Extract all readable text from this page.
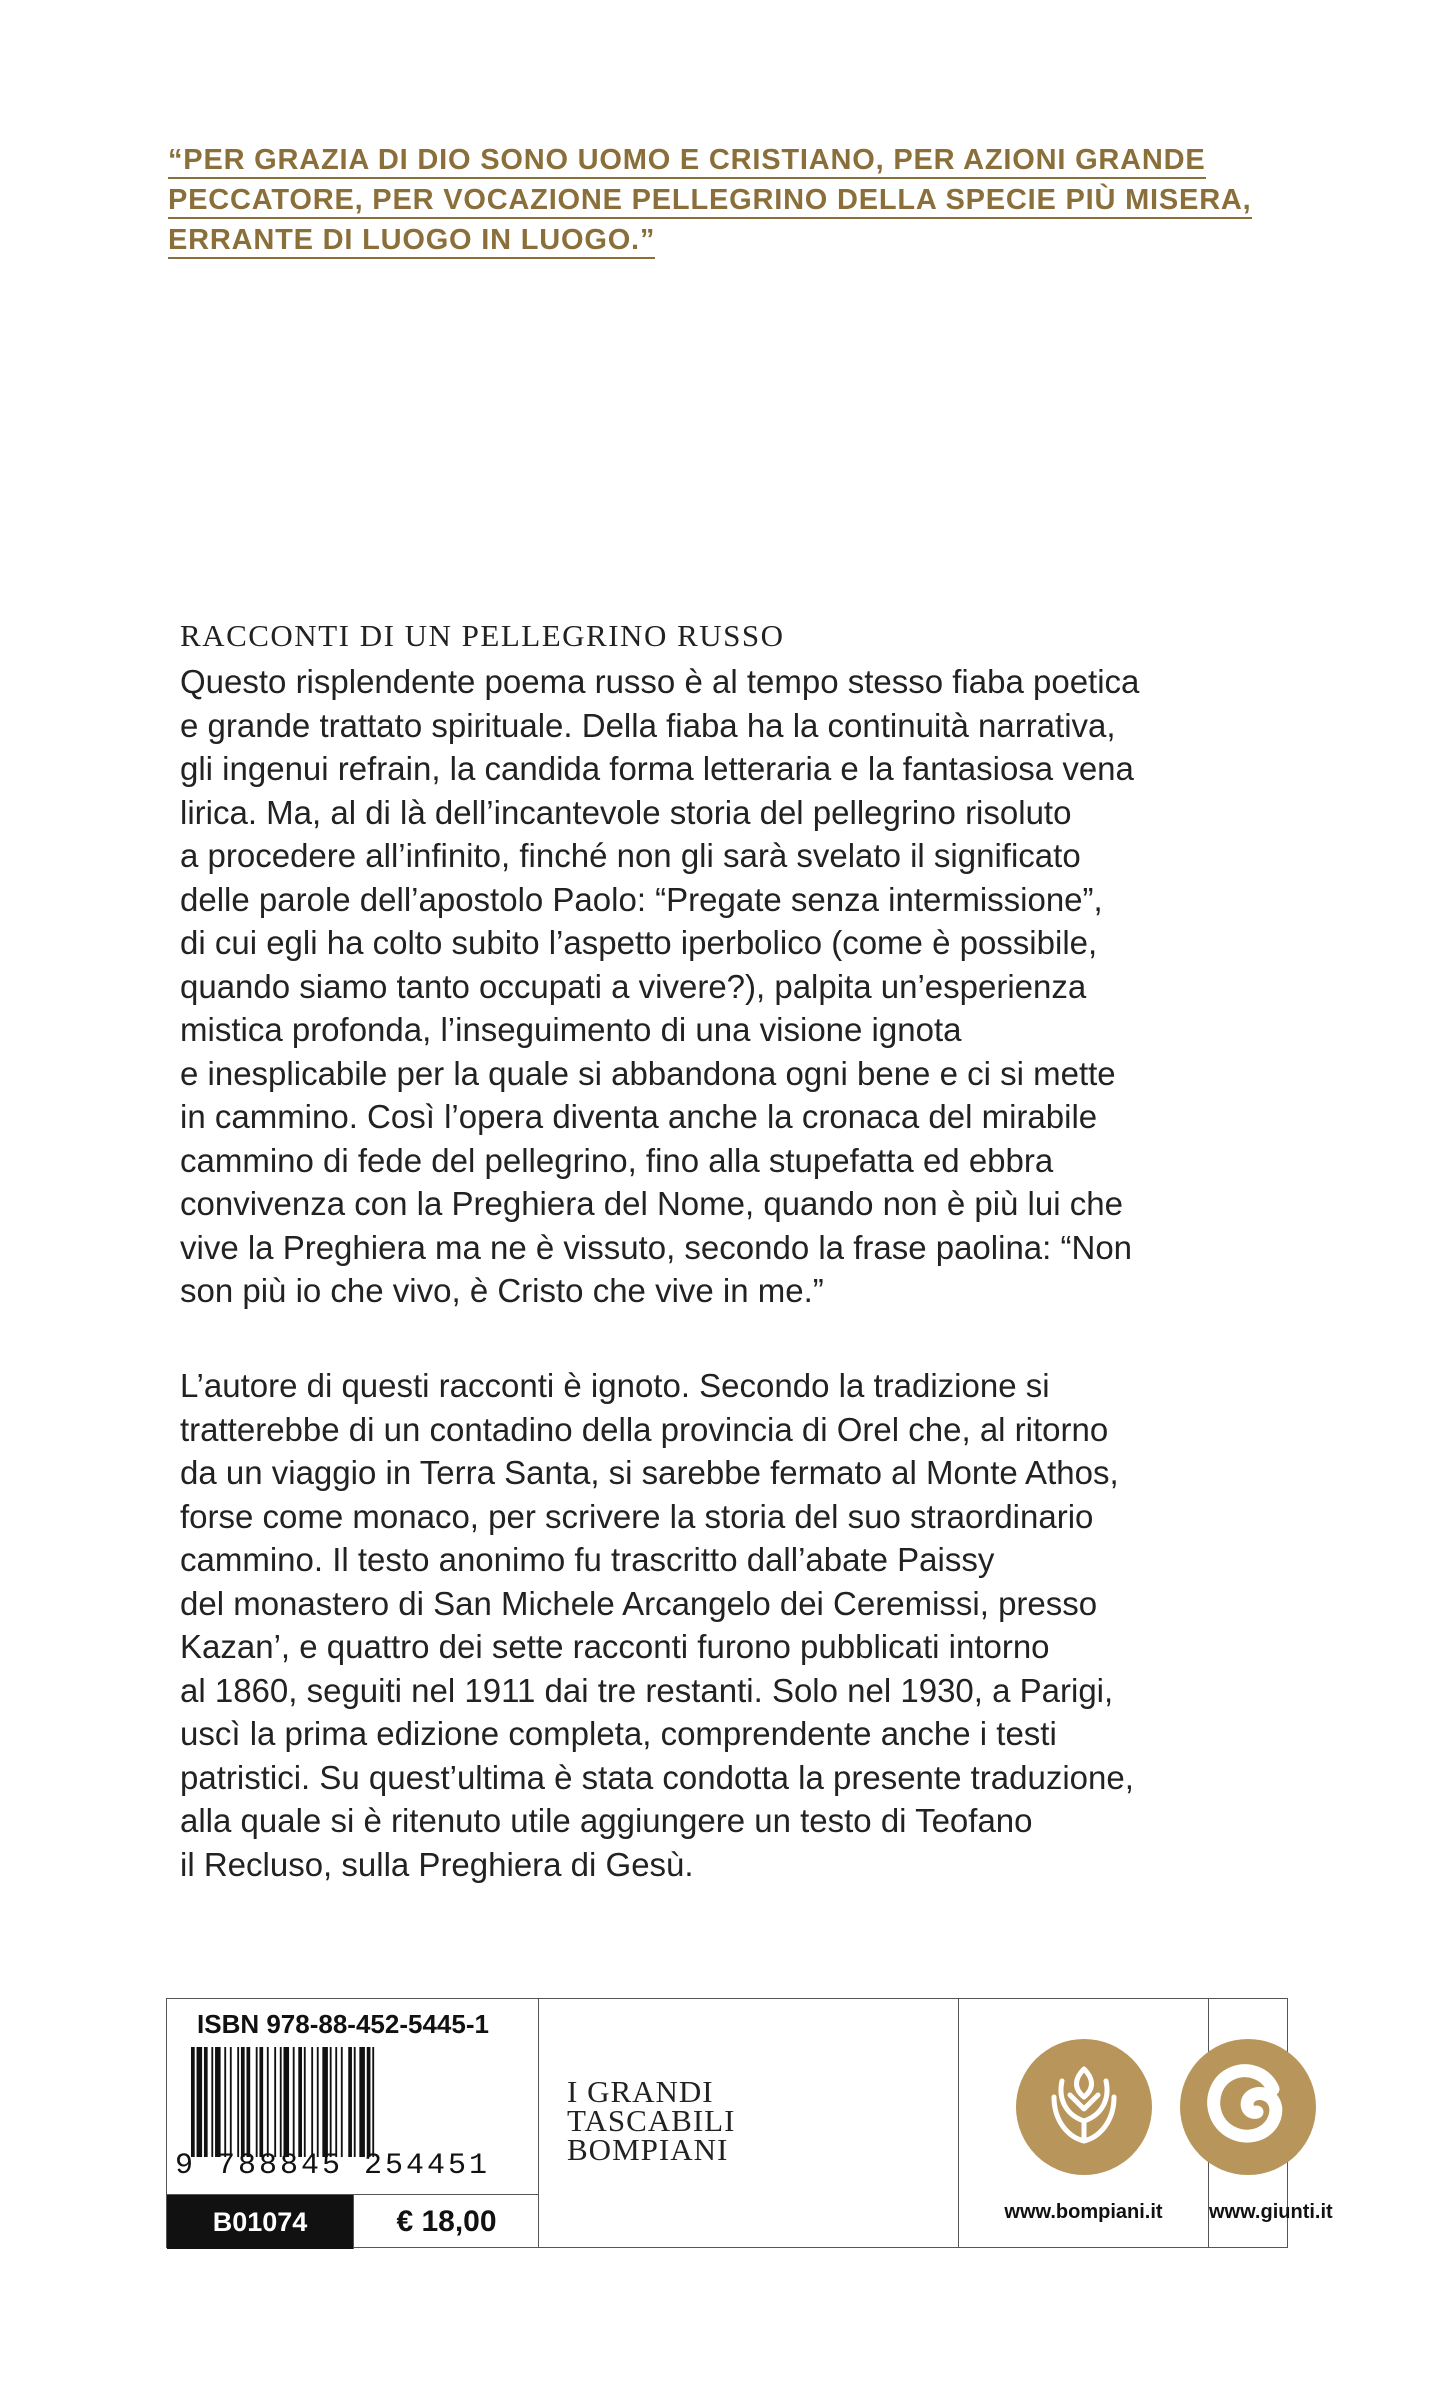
“PER GRAZIA DI DIO SONO UOMO E CRISTIANO, PER AZIONI GRANDE
PECCATORE, PER VOCAZIONE PELLEGRINO DELLA SPECIE PIÙ MISERA,
ERRANTE DI LUOGO IN LUOGO.”
RACCONTI DI UN PELLEGRINO RUSSO
Questo risplendente poema russo è al tempo stesso fiaba poetica
e grande trattato spirituale. Della fiaba ha la continuità narrativa,
gli ingenui refrain, la candida forma letteraria e la fantasiosa vena
lirica. Ma, al di là dell’incantevole storia del pellegrino risoluto
a procedere all’infinito, finché non gli sarà svelato il significato
delle parole dell’apostolo Paolo: “Pregate senza intermissione”,
di cui egli ha colto subito l’aspetto iperbolico (come è possibile,
quando siamo tanto occupati a vivere?), palpita un’esperienza
mistica profonda, l’inseguimento di una visione ignota
e inesplicabile per la quale si abbandona ogni bene e ci si mette
in cammino. Così l’opera diventa anche la cronaca del mirabile
cammino di fede del pellegrino, fino alla stupefatta ed ebbra
convivenza con la Preghiera del Nome, quando non è più lui che
vive la Preghiera ma ne è vissuto, secondo la frase paolina: “Non
son più io che vivo, è Cristo che vive in me.”
L’autore di questi racconti è ignoto. Secondo la tradizione si
tratterebbe di un contadino della provincia di Orel che, al ritorno
da un viaggio in Terra Santa, si sarebbe fermato al Monte Athos,
forse come monaco, per scrivere la storia del suo straordinario
cammino. Il testo anonimo fu trascritto dall’abate Paissy
del monastero di San Michele Arcangelo dei Ceremissi, presso
Kazan’, e quattro dei sette racconti furono pubblicati intorno
al 1860, seguiti nel 1911 dai tre restanti. Solo nel 1930, a Parigi,
uscì la prima edizione completa, comprendente anche i testi
patristici. Su quest’ultima è stata condotta la presente traduzione,
alla quale si è ritenuto utile aggiungere un testo di Teofano
il Recluso, sulla Preghiera di Gesù.
ISBN 978-88-452-5445-1
9 788845 254451
B01074	€ 18,00
I GRANDI
TASCABILI
BOMPIANI
www.bompiani.it	www.giunti.it
